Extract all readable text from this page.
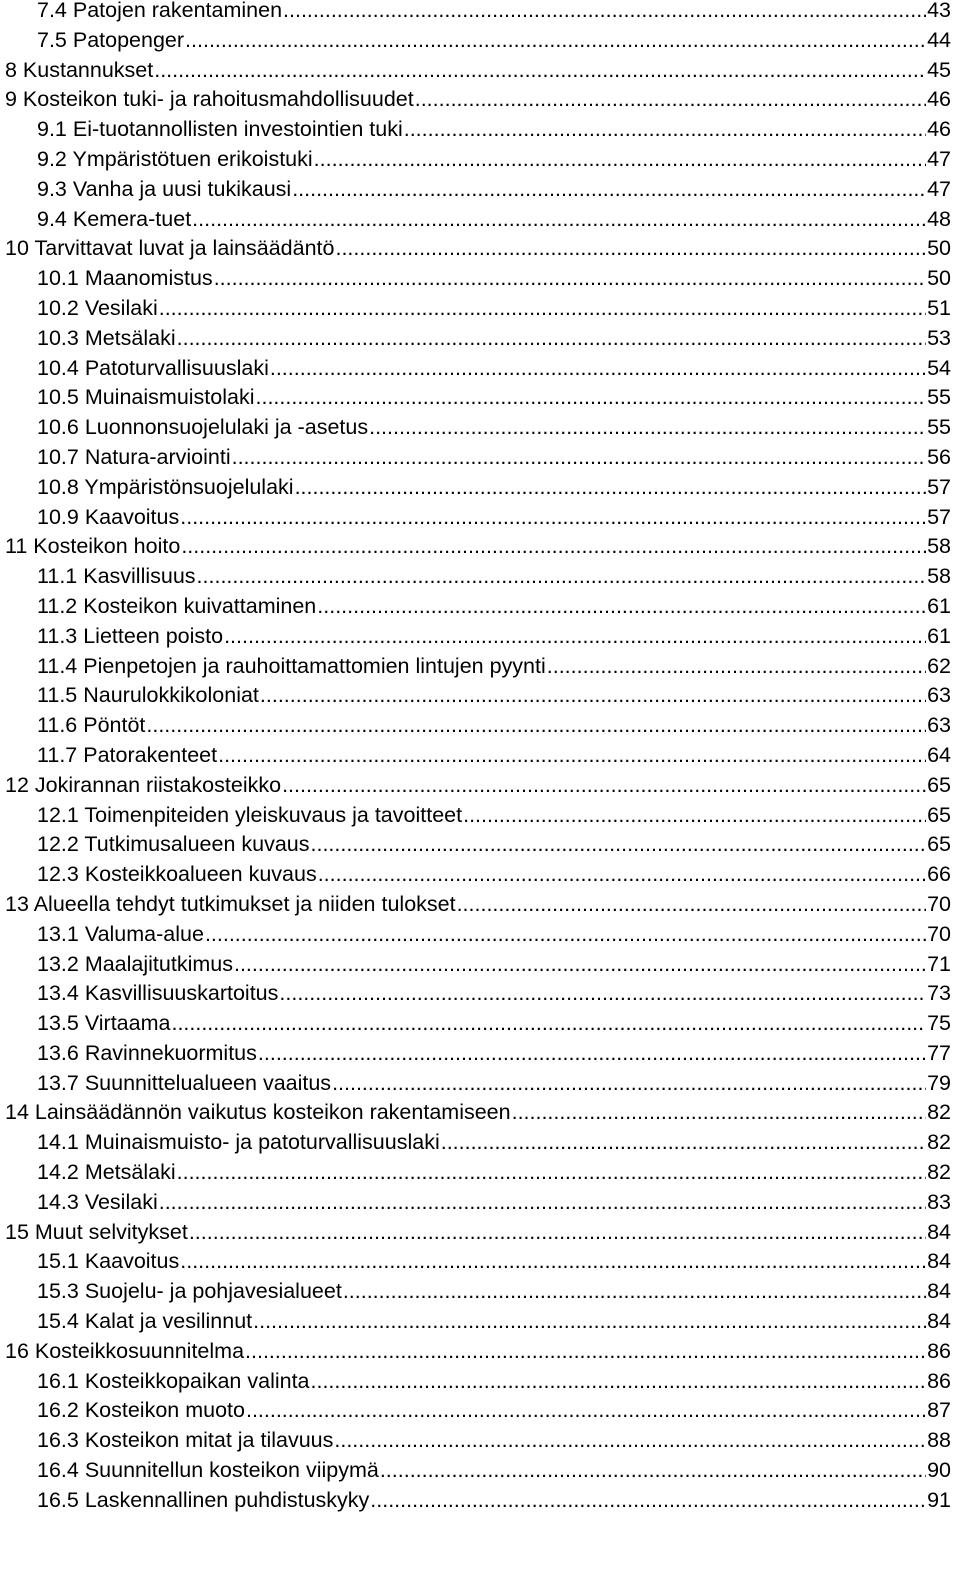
7.4 Patojen rakentaminen .....	43
7.5 Patopenger .....	44
8 Kustannukset .....	45
9 Kosteikon tuki- ja rahoitusmahdollisuudet .....	46
9.1 Ei-tuotannollisten investointien tuki .....	46
9.2 Ympäristötuen erikoistuki .....	47
9.3 Vanha ja uusi tukikausi .....	47
9.4 Kemera-tuet .....	48
10 Tarvittavat luvat ja lainsäädäntö .....	50
10.1 Maanomistus .....	50
10.2 Vesilaki .....	51
10.3 Metsälaki .....	53
10.4 Patoturvallisuuslaki .....	54
10.5 Muinaismuistolaki .....	55
10.6 Luonnonsuojelulaki ja -asetus .....	55
10.7 Natura-arviointi .....	56
10.8 Ympäristönsuojelulaki .....	57
10.9 Kaavoitus .....	57
11 Kosteikon hoito .....	58
11.1 Kasvillisuus .....	58
11.2 Kosteikon kuivattaminen .....	61
11.3 Lietteen poisto .....	61
11.4 Pienpetojen ja rauhoittamattomien lintujen pyynti .....	62
11.5 Naurulokkikoloniat .....	63
11.6 Pöntöt .....	63
11.7 Patorakenteet .....	64
12 Jokirannan riistakosteikko .....	65
12.1 Toimenpiteiden yleiskuvaus ja tavoitteet .....	65
12.2 Tutkimusalueen kuvaus .....	65
12.3 Kosteikkoalueen kuvaus .....	66
13 Alueella tehdyt tutkimukset ja niiden tulokset .....	70
13.1 Valuma-alue .....	70
13.2 Maalajitutkimus .....	71
13.4 Kasvillisuuskartoitus .....	73
13.5 Virtaama .....	75
13.6 Ravinnekuormitus .....	77
13.7 Suunnittelualueen vaaitus .....	79
14 Lainsäädännön vaikutus kosteikon rakentamiseen .....	82
14.1 Muinaismuisto- ja patoturvallisuuslaki .....	82
14.2 Metsälaki .....	82
14.3 Vesilaki .....	83
15 Muut selvitykset .....	84
15.1 Kaavoitus .....	84
15.3 Suojelu- ja pohjavesialueet .....	84
15.4 Kalat ja vesilinnut .....	84
16 Kosteikkosuunnitelma .....	86
16.1 Kosteikkopaikan valinta .....	86
16.2 Kosteikon muoto .....	87
16.3 Kosteikon mitat ja tilavuus .....	88
16.4 Suunnitellun kosteikon viipymä .....	90
16.5 Laskennallinen puhdistuskyky .....	91
